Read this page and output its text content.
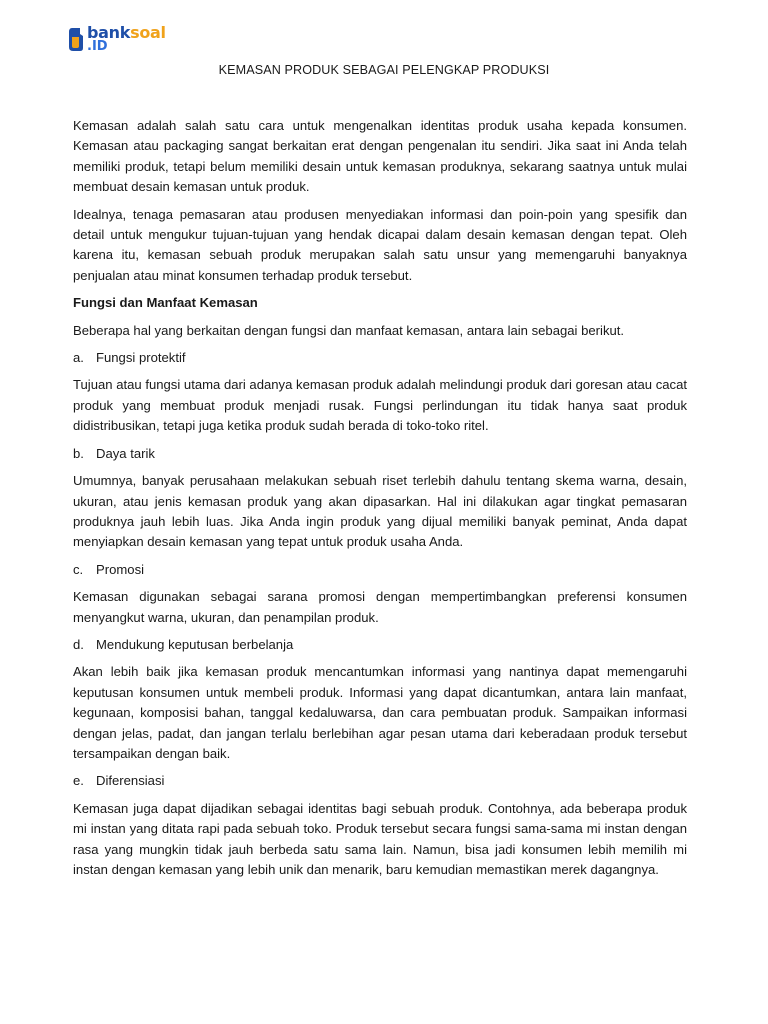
banksoal
.ID
KEMASAN PRODUK SEBAGAI PELENGKAP PRODUKSI

Kemasan adalah salah satu cara untuk mengenalkan identitas produk usaha kepada konsumen. Kemasan atau packaging sangat berkaitan erat dengan pengenalan itu sendiri. Jika saat ini Anda telah memiliki produk, tetapi belum memiliki desain untuk kemasan produknya, sekarang saatnya untuk mulai membuat desain kemasan untuk produk.

Idealnya, tenaga pemasaran atau produsen menyediakan informasi dan poin-poin yang spesifik dan detail untuk mengukur tujuan-tujuan yang hendak dicapai dalam desain kemasan dengan tepat. Oleh karena itu, kemasan sebuah produk merupakan salah satu unsur yang memengaruhi banyaknya penjualan atau minat konsumen terhadap produk tersebut.

Fungsi dan Manfaat Kemasan

Beberapa hal yang berkaitan dengan fungsi dan manfaat kemasan, antara lain sebagai berikut.

a. Fungsi protektif

Tujuan atau fungsi utama dari adanya kemasan produk adalah melindungi produk dari goresan atau cacat produk yang membuat produk menjadi rusak. Fungsi perlindungan itu tidak hanya saat produk didistribusikan, tetapi juga ketika produk sudah berada di toko-toko ritel.

b. Daya tarik

Umumnya, banyak perusahaan melakukan sebuah riset terlebih dahulu tentang skema warna, desain, ukuran, atau jenis kemasan produk yang akan dipasarkan. Hal ini dilakukan agar tingkat pemasaran produknya jauh lebih luas. Jika Anda ingin produk yang dijual memiliki banyak peminat, Anda dapat menyiapkan desain kemasan yang tepat untuk produk usaha Anda.

c. Promosi

Kemasan digunakan sebagai sarana promosi dengan mempertimbangkan preferensi konsumen menyangkut warna, ukuran, dan penampilan produk.

d. Mendukung keputusan berbelanja

Akan lebih baik jika kemasan produk mencantumkan informasi yang nantinya dapat memengaruhi keputusan konsumen untuk membeli produk. Informasi yang dapat dicantumkan, antara lain manfaat, kegunaan, komposisi bahan, tanggal kedaluwarsa, dan cara pembuatan produk. Sampaikan informasi dengan jelas, padat, dan jangan terlalu berlebihan agar pesan utama dari keberadaan produk tersebut tersampaikan dengan baik.

e. Diferensiasi

Kemasan juga dapat dijadikan sebagai identitas bagi sebuah produk. Contohnya, ada beberapa produk mi instan yang ditata rapi pada sebuah toko. Produk tersebut secara fungsi sama-sama mi instan dengan rasa yang mungkin tidak jauh berbeda satu sama lain. Namun, bisa jadi konsumen lebih memilih mi instan dengan kemasan yang lebih unik dan menarik, baru kemudian memastikan merek dagangnya.
